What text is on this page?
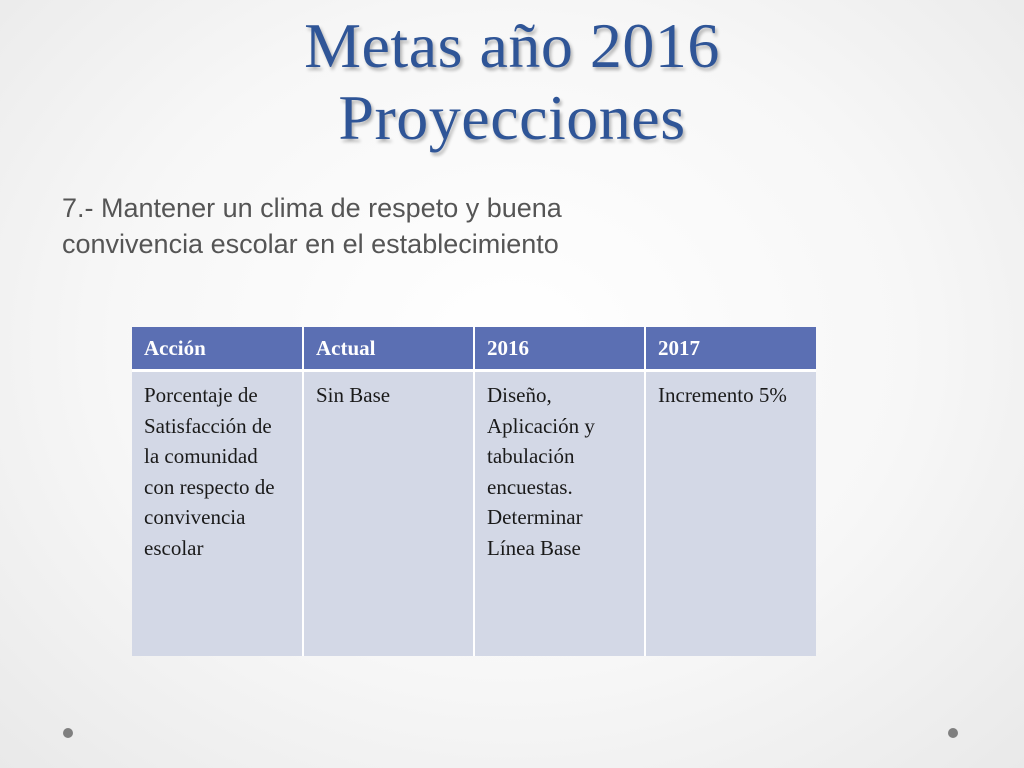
Metas año 2016
Proyecciones
7.- Mantener un clima de respeto y buena
convivencia escolar en el establecimiento
Acción	Actual	2016	2017
Porcentaje de Satisfacción de la comunidad con respecto de convivencia escolar	Sin Base	Diseño, Aplicación y tabulación encuestas. Determinar Línea Base	Incremento 5%
